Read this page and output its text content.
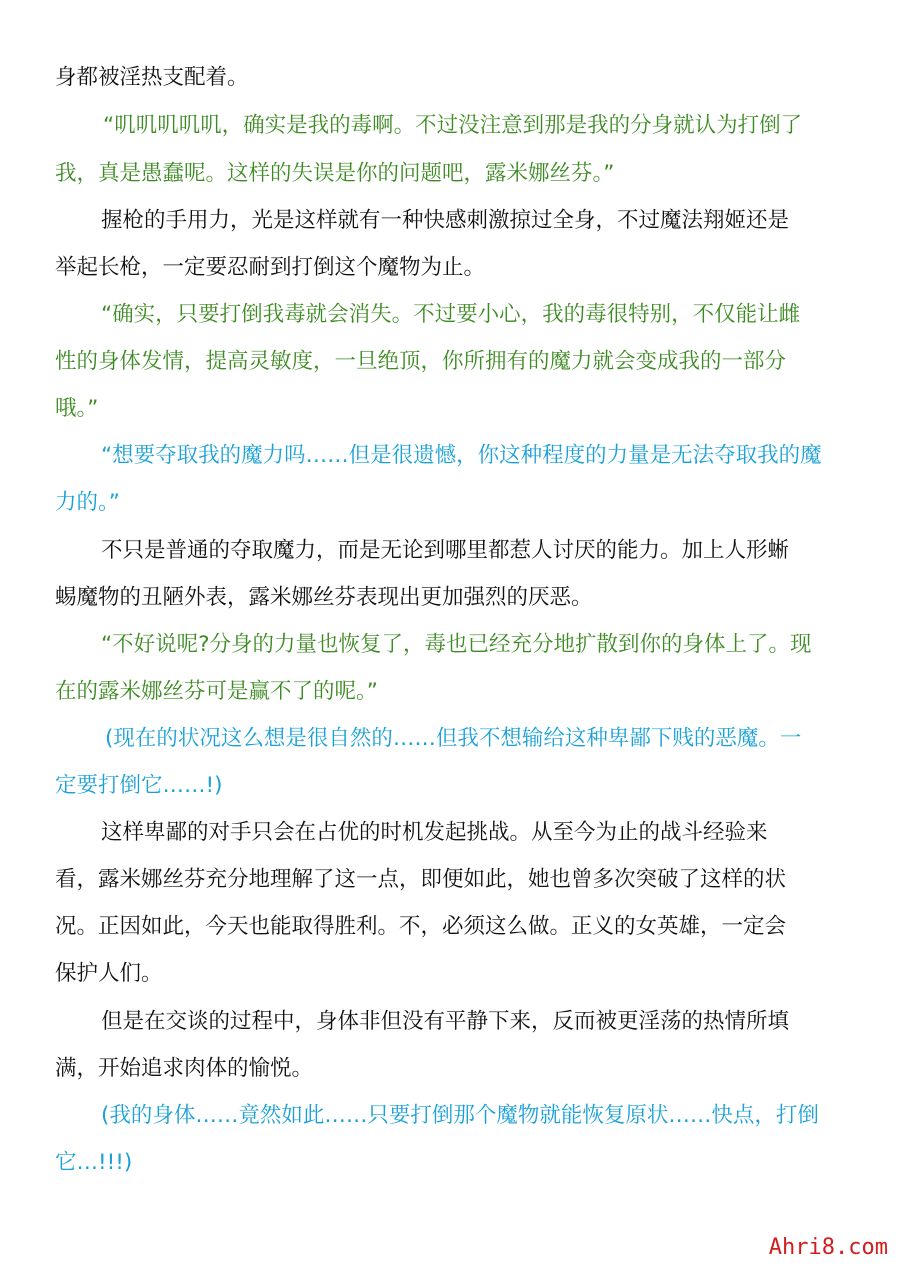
身都被淫热支配着。
“叽叽叽叽叽，确实是我的毒啊。不过没注意到那是我的分身就认为打倒了
我，真是愚蠢呢。这样的失误是你的问题吧，露米娜丝芬。”
握枪的手用力，光是这样就有一种快感刺激掠过全身，不过魔法翔姬还是
举起长枪，一定要忍耐到打倒这个魔物为止。
“确实，只要打倒我毒就会消失。不过要小心，我的毒很特别，不仅能让雌
性的身体发情，提高灵敏度，一旦绝顶，你所拥有的魔力就会变成我的一部分
哦。”
“想要夺取我的魔力吗……但是很遗憾，你这种程度的力量是无法夺取我的魔
力的。”
不只是普通的夺取魔力，而是无论到哪里都惹人讨厌的能力。加上人形蜥
蜴魔物的丑陋外表，露米娜丝芬表现出更加强烈的厌恶。
“不好说呢?分身的力量也恢复了，毒也已经充分地扩散到你的身体上了。现
在的露米娜丝芬可是赢不了的呢。”
(现在的状况这么想是很自然的……但我不想输给这种卑鄙下贱的恶魔。一
定要打倒它……!)
这样卑鄙的对手只会在占优的时机发起挑战。从至今为止的战斗经验来
看，露米娜丝芬充分地理解了这一点，即便如此，她也曾多次突破了这样的状
况。正因如此，今天也能取得胜利。不，必须这么做。正义的女英雄，一定会
保护人们。
但是在交谈的过程中，身体非但没有平静下来，反而被更淫荡的热情所填
满，开始追求肉体的愉悦。
(我的身体……竟然如此……只要打倒那个魔物就能恢复原状……快点，打倒
它…!!!)
Ahri8.com
